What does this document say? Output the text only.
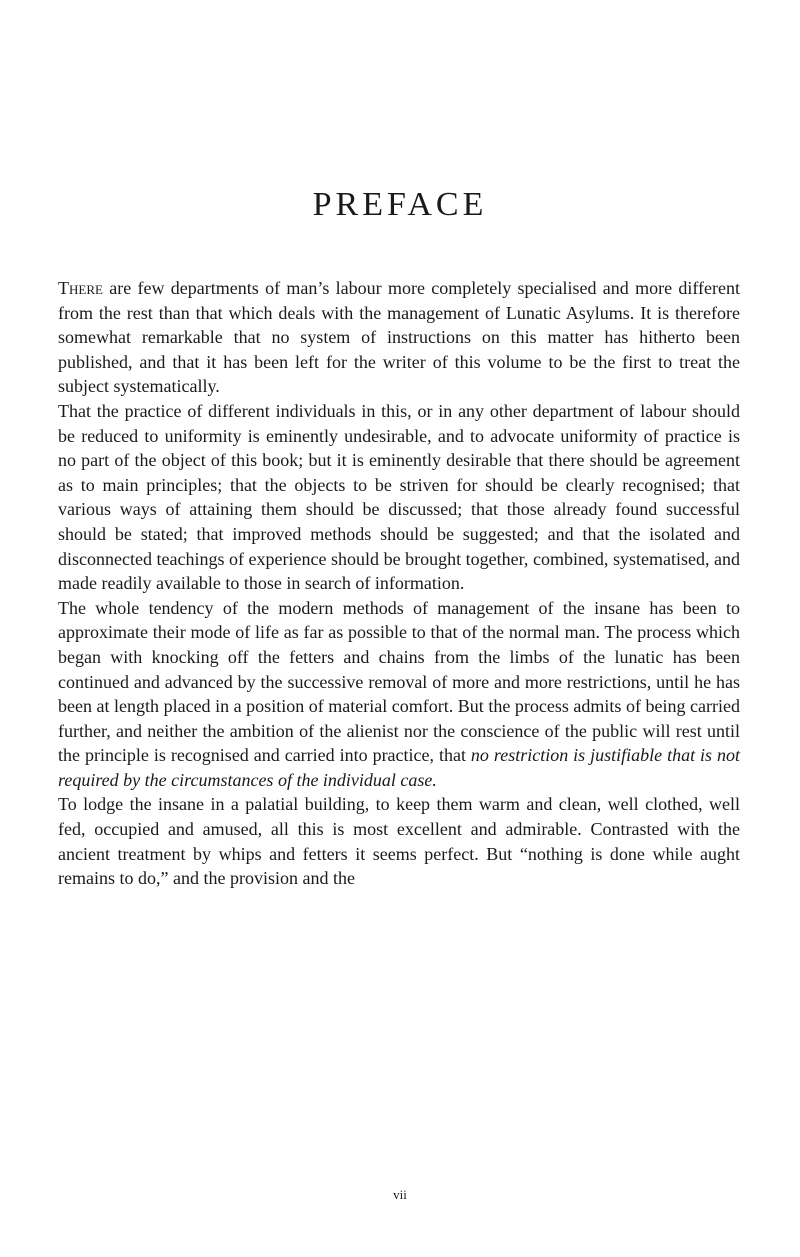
PREFACE

There are few departments of man’s labour more completely specialised and more different from the rest than that which deals with the management of Lunatic Asylums. It is therefore somewhat remarkable that no system of instructions on this matter has hitherto been published, and that it has been left for the writer of this volume to be the first to treat the subject systematically.

That the practice of different individuals in this, or in any other department of labour should be reduced to uniformity is eminently undesirable, and to advocate uniformity of practice is no part of the object of this book; but it is eminently desirable that there should be agreement as to main principles; that the objects to be striven for should be clearly recognised; that various ways of attaining them should be discussed; that those already found successful should be stated; that improved methods should be suggested; and that the isolated and disconnected teachings of experience should be brought together, combined, systematised, and made readily available to those in search of information.

The whole tendency of the modern methods of management of the insane has been to approximate their mode of life as far as possible to that of the normal man. The process which began with knocking off the fetters and chains from the limbs of the lunatic has been continued and advanced by the successive removal of more and more restrictions, until he has been at length placed in a position of material comfort. But the process admits of being carried further, and neither the ambition of the alienist nor the conscience of the public will rest until the principle is recognised and carried into practice, that no restriction is justifiable that is not required by the circumstances of the individual case.

To lodge the insane in a palatial building, to keep them warm and clean, well clothed, well fed, occupied and amused, all this is most excellent and admirable. Contrasted with the ancient treatment by whips and fetters it seems perfect. But “nothing is done while aught remains to do,” and the provision and the

vii
